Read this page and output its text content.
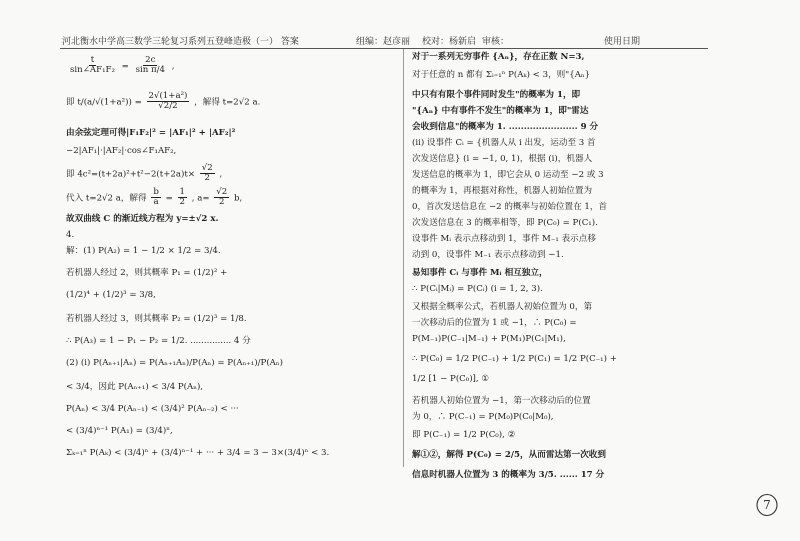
河北衡水中学高三数学三轮复习系列五登峰造极（一） 答案	组编：赵彦丽 校对：杨新启 审核：	使用日期
$\frac{t}{\text{sin∠AF₁F₂}} = \frac{2c}{\text{sin π/4}}$ ,
即 $t/(a/√(1+a^2)) = \frac{\text{2√(1+a²)}}{√2/2}$ ，解得 t=2√2 a.
由余弦定理可得|F₁F₂|² = |AF₁|² + |AF₂|²
−2|AF₁|·|AF₂|·cos∠F₁AF₂,
即 $4c^2=(t+2a)^2+t^2-2(t+2a)t\times \frac{√2}{2}$ ,
代入 t=2√2 a，解得 $\frac{b}{a} = \frac{1}{2}$ , $a= \frac{√2}{2} b$,
故双曲线 C 的渐近线方程为 y=±√2 x.
4.
解：(1) P(A₂) = 1 − 1/2 × 1/2 = 3/4.
若机器人经过 2，则其概率 P₁ = (1/2)² +
(1/2)⁴ + (1/2)³ = 3/8,
若机器人经过 3，则其概率 P₂ = (1/2)³ = 1/8.
∴ P(A₃) = 1 − P₁ − P₂ = 1/2. ............... 4 分
(2) (i) P(Aₙ₊₁|Aₙ) = P(Aₙ₊₁Aₙ)/P(Aₙ) = P(Aₙ₊₁)/P(Aₙ)
< 3/4，因此 P(Aₙ₊₁) < 3/4 P(Aₙ),
P(Aₙ) < 3/4 P(Aₙ₋₁) < (3/4)² P(Aₙ₋₂) < ···
< (3/4)ⁿ⁻¹ P(A₁) = (3/4)ⁿ,
Σₖ₌₁ⁿ P(Aₖ) < (3/4)ⁿ + (3/4)ⁿ⁻¹ + ··· + 3/4 = 3 − 3×(3/4)ⁿ < 3.
对于一系列无穷事件 {Aₙ}，存在正数 N=3,
对于任意的 n 都有 Σᵢ₌₁ⁿ P(Aₖ) < 3，则"{Aₙ}
中只有有限个事件同时发生"的概率为 1，即
"{Aₙ} 中有事件不发生"的概率为 1，即"雷达
会收到信息"的概率为 1. ....................... 9 分
(ii) 设事件 Cᵢ = {机器人从 i 出发，运动至 3 首
次发送信息} (i = −1, 0, 1)，根据 (i)，机器人
发送信息的概率为 1，即它会从 0 运动至 −2 或 3
的概率为 1，再根据对称性，机器人初始位置为
0，首次发送信息在 −2 的概率与初始位置在 1，首
次发送信息在 3 的概率相等，即 P(C₀) = P(C₁).
设事件 Mᵢ 表示点移动到 1，事件 M₋₁ 表示点移
动到 0，设事件 M₋₁ 表示点移动到 −1.
易知事件 Cᵢ 与事件 Mᵢ 相互独立，
∴ P(Cᵢ|Mᵢ) = P(Cᵢ) (i = 1, 2, 3).
又根据全概率公式，若机器人初始位置为 0，第
一次移动后的位置为 1 或 −1，∴ P(C₀) =
P(M₋₁)P(C₋₁|M₋₁) + P(M₁)P(C₁|M₁),
∴ P(C₀) = 1/2 P(C₋₁) + 1/2 P(C₁) = 1/2 P(C₋₁) +
1/2 [1 − P(C₀)], ①
若机器人初始位置为 −1，第一次移动后的位置
为 0，∴ P(C₋₁) = P(M₀)P(C₀|M₀),
即 P(C₋₁) = 1/2 P(C₀), ②
解①②，解得 P(C₀) = 2/5，从而雷达第一次收到
信息时机器人位置为 3 的概率为 3/5. ...... 17 分
7
